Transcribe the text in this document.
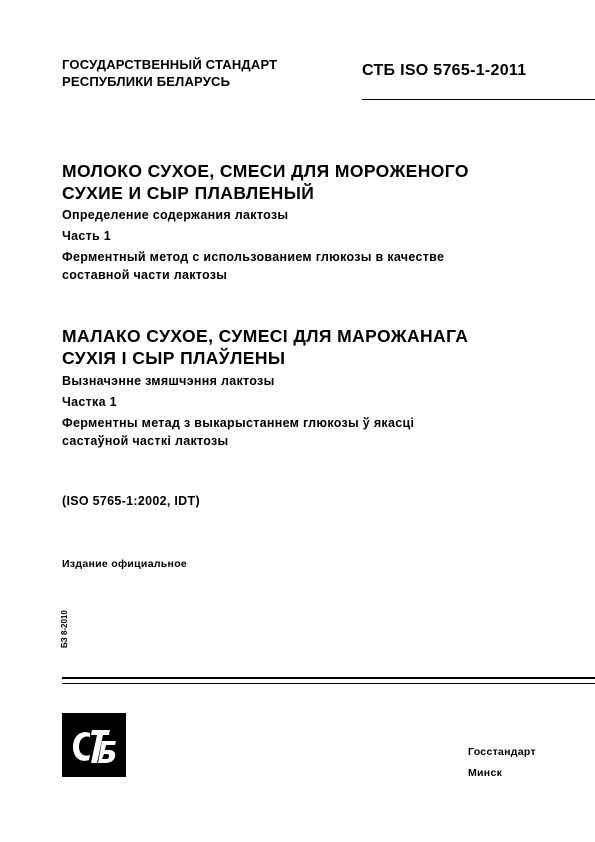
ГОСУДАРСТВЕННЫЙ СТАНДАРТ

РЕСПУБЛИКИ БЕЛАРУСЬ

СТБ ISO 5765-1-2011

МОЛОКО СУХОЕ, СМЕСИ ДЛЯ МОРОЖЕНОГО

СУХИЕ И СЫР ПЛАВЛЕНЫЙ

Определение содержания лактозы

Часть 1

Ферментный метод с использованием глюкозы в качестве

составной части лактозы

МАЛАКО СУХОЕ, СУМЕСІ ДЛЯ МАРОЖАНАГА

СУХІЯ І СЫР ПЛАЎЛЕНЫ

Вызначэнне змяшчэння лактозы

Частка 1

Ферментны метад з выкарыстаннем глюкозы ў якасці

састаўной часткі лактозы

(ISO 5765-1:2002, IDT)

Издание официальное

БЗ 8-2010

Госстандарт

Минск
